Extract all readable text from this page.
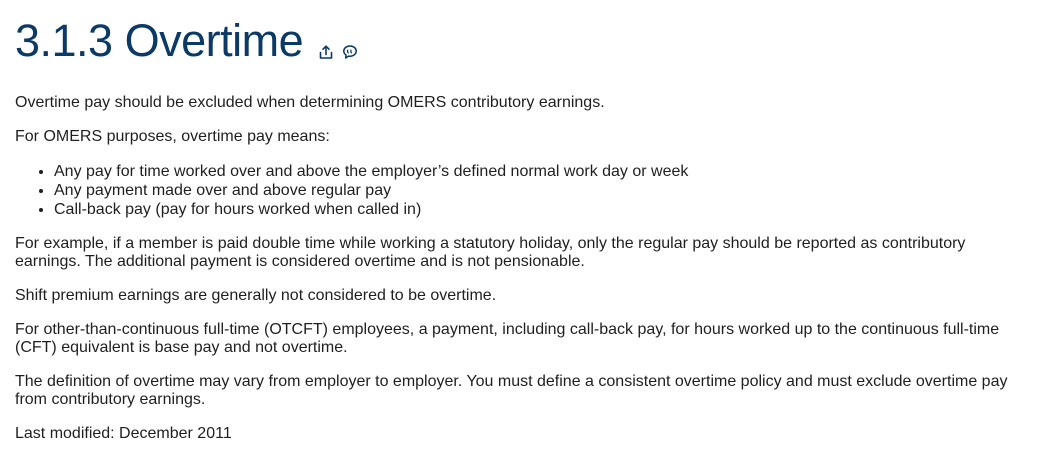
3.1.3 Overtime

Overtime pay should be excluded when determining OMERS contributory earnings.

For OMERS purposes, overtime pay means:

• Any pay for time worked over and above the employer’s defined normal work day or week
• Any payment made over and above regular pay
• Call-back pay (pay for hours worked when called in)

For example, if a member is paid double time while working a statutory holiday, only the regular pay should be reported as contributory earnings. The additional payment is considered overtime and is not pensionable.

Shift premium earnings are generally not considered to be overtime.

For other-than-continuous full-time (OTCFT) employees, a payment, including call-back pay, for hours worked up to the continuous full-time (CFT) equivalent is base pay and not overtime.

The definition of overtime may vary from employer to employer. You must define a consistent overtime policy and must exclude overtime pay from contributory earnings.

Last modified: December 2011
